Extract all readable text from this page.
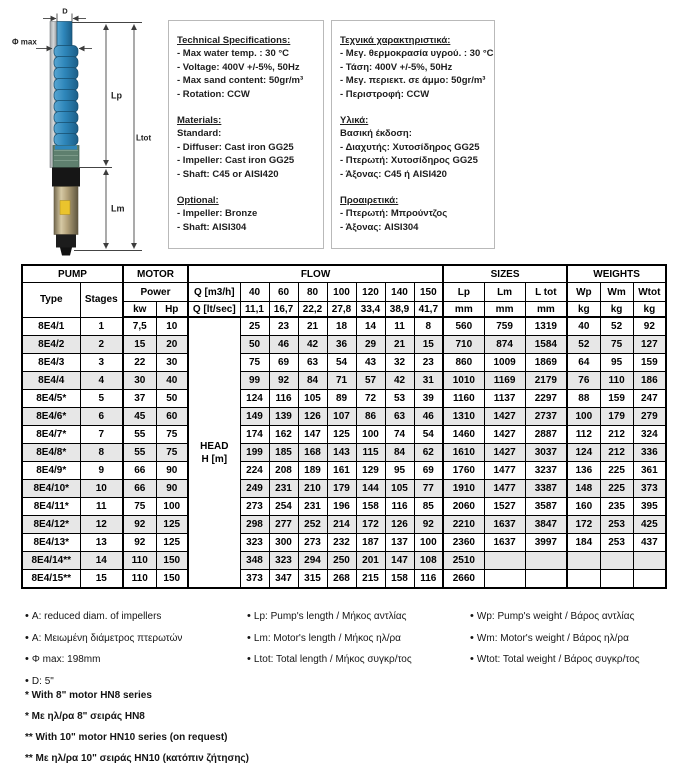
D
Φ max
Lp
Lm
Ltot
Technical Specifications:
- Max water temp. : 30 °C
- Voltage: 400V +/-5%, 50Hz
- Max sand content: 50gr/m³
- Rotation: CCW
Materials:
Standard:
- Diffuser: Cast iron GG25
- Impeller: Cast iron GG25
- Shaft: C45 or AISI420
Optional:
- Impeller: Bronze
- Shaft: AISI304
Τεχνικά χαρακτηριστικά:
- Μεγ. θερμοκρασία υγρού. : 30 °C
- Τάση: 400V +/-5%, 50Hz
- Μεγ. περιεκτ. σε άμμο: 50gr/m³
- Περιστροφή: CCW
Υλικά:
Βασική έκδοση:
- Διαχυτής: Χυτοσίδηρος GG25
- Πτερωτή: Χυτοσίδηρος GG25
- Άξονας: C45 ή AISI420
Προαιρετικά:
- Πτερωτή: Μπρούντζος
- Άξονας: AISI304
PUMP		MOTOR		FLOW								SIZES			WEIGHTS		
Type	Stages	Power		Q [m3/h]	40	60	80	100	120	140	150	Lp	Lm	L tot	Wp	Wm	Wtot
		kw	Hp	Q [lt/sec]	11,1	16,7	22,2	27,8	33,4	38,9	41,7	mm	mm	mm	kg	kg	kg
8E4/1	1	7,5	10	HEAD
H [m]	25	23	21	18	14	11	8	560	759	1319	40	52	92
8E4/2	2	15	20		50	46	42	36	29	21	15	710	874	1584	52	75	127
8E4/3	3	22	30		75	69	63	54	43	32	23	860	1009	1869	64	95	159
8E4/4	4	30	40		99	92	84	71	57	42	31	1010	1169	2179	76	110	186
8E4/5*	5	37	50		124	116	105	89	72	53	39	1160	1137	2297	88	159	247
8E4/6*	6	45	60		149	139	126	107	86	63	46	1310	1427	2737	100	179	279
8E4/7*	7	55	75		174	162	147	125	100	74	54	1460	1427	2887	112	212	324
8E4/8*	8	55	75		199	185	168	143	115	84	62	1610	1427	3037	124	212	336
8E4/9*	9	66	90		224	208	189	161	129	95	69	1760	1477	3237	136	225	361
8E4/10*	10	66	90		249	231	210	179	144	105	77	1910	1477	3387	148	225	373
8E4/11*	11	75	100		273	254	231	196	158	116	85	2060	1527	3587	160	235	395
8E4/12*	12	92	125		298	277	252	214	172	126	92	2210	1637	3847	172	253	425
8E4/13*	13	92	125		323	300	273	232	187	137	100	2360	1637	3997	184	253	437
8E4/14**	14	110	150		348	323	294	250	201	147	108	2510					
8E4/15**	15	110	150		373	347	315	268	215	158	116	2660					
• A: reduced diam. of impellers
• A: Μειωμένη διάμετρος πτερωτών
• Φ max: 198mm
• D: 5"
• Lp: Pump's length / Μήκος αντλίας
• Lm: Motor's length / Μήκος ηλ/ρα
• Ltot: Total length / Μήκος συγκρ/τος
• Wp: Pump's weight / Βάρος αντλίας
• Wm: Motor's weight / Βάρος ηλ/ρα
• Wtot: Total weight / Βάρος συγκρ/τος
* With 8" motor HN8 series
* Με ηλ/ρα 8" σειράς HN8
** With 10" motor HN10 series (on request)
** Με ηλ/ρα 10" σειράς HN10 (κατόπιν ζήτησης)
